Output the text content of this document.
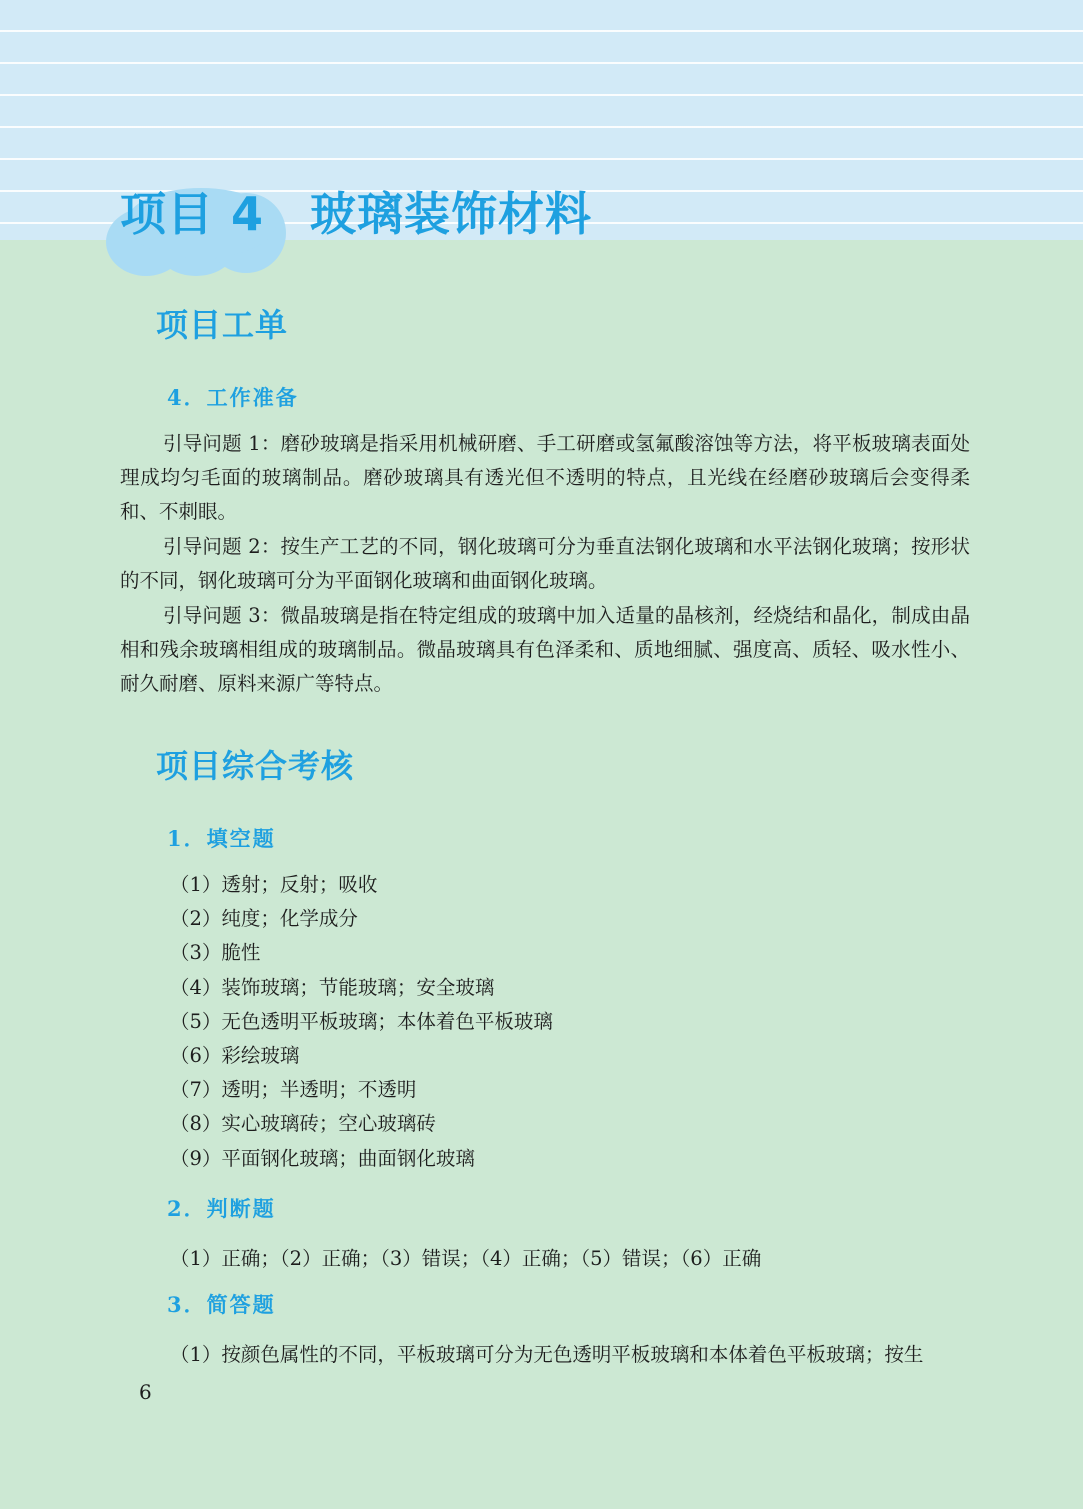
项目 4 玻璃装饰材料
项目工单
4．工作准备

引导问题 1：磨砂玻璃是指采用机械研磨、手工研磨或氢氟酸溶蚀等方法，将平板玻璃表面处理成均匀毛面的玻璃制品。磨砂玻璃具有透光但不透明的特点，且光线在经磨砂玻璃后会变得柔和、不刺眼。

引导问题 2：按生产工艺的不同，钢化玻璃可分为垂直法钢化玻璃和水平法钢化玻璃；按形状的不同，钢化玻璃可分为平面钢化玻璃和曲面钢化玻璃。

引导问题 3：微晶玻璃是指在特定组成的玻璃中加入适量的晶核剂，经烧结和晶化，制成由晶相和残余玻璃相组成的玻璃制品。微晶玻璃具有色泽柔和、质地细腻、强度高、质轻、吸水性小、耐久耐磨、原料来源广等特点。

项目综合考核
1．填空题
（1）透射；反射；吸收
（2）纯度；化学成分
（3）脆性
（4）装饰玻璃；节能玻璃；安全玻璃
（5）无色透明平板玻璃；本体着色平板玻璃
（6）彩绘玻璃
（7）透明；半透明；不透明
（8）实心玻璃砖；空心玻璃砖
（9）平面钢化玻璃；曲面钢化玻璃
2．判断题

（1）正确；（2）正确；（3）错误；（4）正确；（5）错误；（6）正确

3．简答题

（1）按颜色属性的不同，平板玻璃可分为无色透明平板玻璃和本体着色平板玻璃；按生

6
